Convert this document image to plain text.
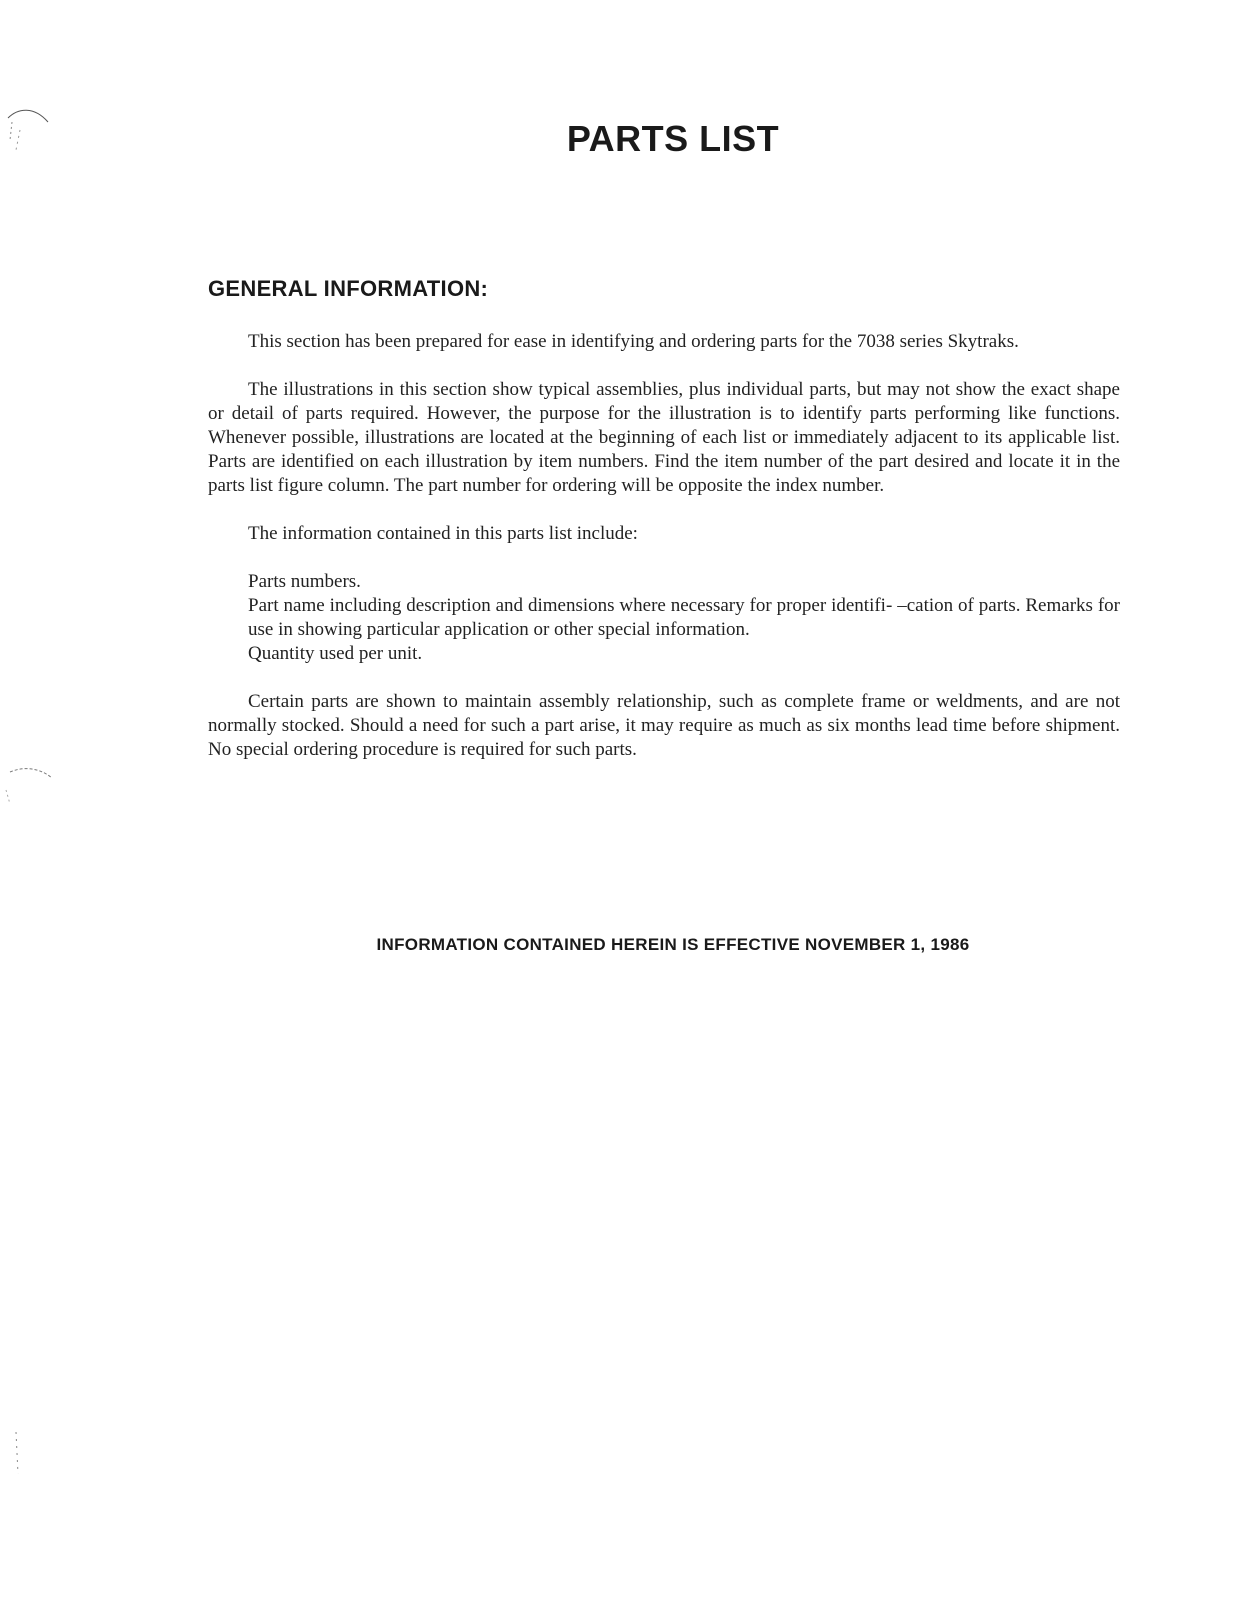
PARTS LIST
GENERAL INFORMATION:

This section has been prepared for ease in identifying and ordering parts for the 7038 series Skytraks.

The illustrations in this section show typical assemblies, plus individual parts, but may not show the exact shape or detail of parts required. However, the purpose for the illustration is to identify parts performing like functions. Whenever possible, illustrations are located at the beginning of each list or immediately adjacent to its applicable list. Parts are identified on each illustration by item numbers. Find the item number of the part desired and locate it in the parts list figure column. The part number for ordering will be opposite the index number.

The information contained in this parts list include:

Parts numbers.
Part name including description and dimensions where necessary for proper identifi- –cation of parts. Remarks for use in showing particular application or other special information.
Quantity used per unit.

Certain parts are shown to maintain assembly relationship, such as complete frame or weldments, and are not normally stocked. Should a need for such a part arise, it may require as much as six months lead time before shipment. No special ordering procedure is required for such parts.

INFORMATION CONTAINED HEREIN IS EFFECTIVE NOVEMBER 1, 1986
